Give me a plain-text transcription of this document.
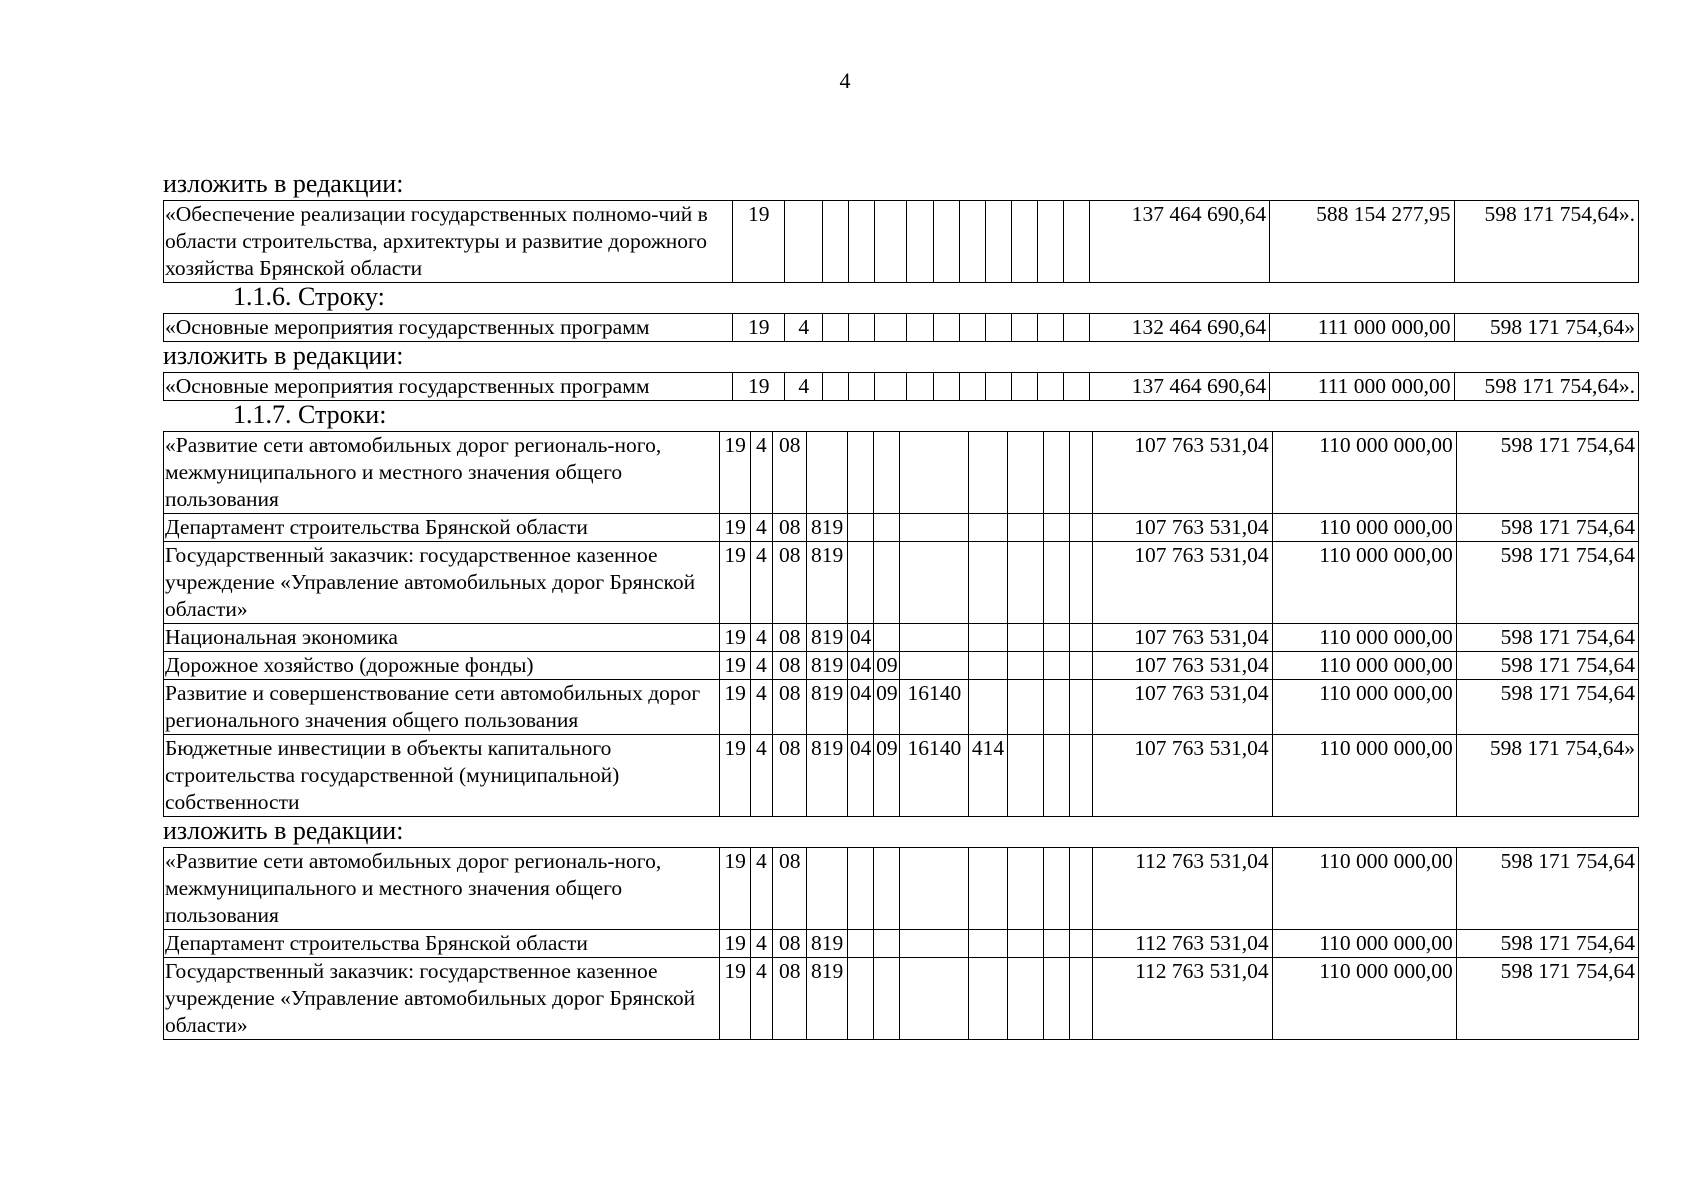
4
изложить в редакции:
«Обеспечение реализации государственных полномо-чий в области строительства, архитектуры и развитие дорожного хозяйства Брянской области	19												137 464 690,64	588 154 277,95	598 171 754,64».
1.1.6. Строку:
«Основные мероприятия государственных программ	19	4											132 464 690,64	111 000 000,00	598 171 754,64»
изложить в редакции:
«Основные мероприятия государственных программ	19	4											137 464 690,64	111 000 000,00	598 171 754,64».
1.1.7. Строки:
«Развитие сети автомобильных дорог региональ-ного, межмуниципального и местного значения общего пользования	19	4	08									107 763 531,04	110 000 000,00	598 171 754,64
Департамент строительства Брянской области	19	4	08	819								107 763 531,04	110 000 000,00	598 171 754,64
Государственный заказчик: государственное казенное учреждение «Управление автомобильных дорог Брянской области»	19	4	08	819								107 763 531,04	110 000 000,00	598 171 754,64
Национальная экономика	19	4	08	819	04							107 763 531,04	110 000 000,00	598 171 754,64
Дорожное хозяйство (дорожные фонды)	19	4	08	819	04	09						107 763 531,04	110 000 000,00	598 171 754,64
Развитие и совершенствование сети автомобильных дорог регионального значения общего пользования	19	4	08	819	04	09	16140					107 763 531,04	110 000 000,00	598 171 754,64
Бюджетные инвестиции в объекты капитального строительства государственной (муниципальной) собственности	19	4	08	819	04	09	16140	414				107 763 531,04	110 000 000,00	598 171 754,64»
изложить в редакции:
«Развитие сети автомобильных дорог региональ-ного, межмуниципального и местного значения общего пользования	19	4	08									112 763 531,04	110 000 000,00	598 171 754,64
Департамент строительства Брянской области	19	4	08	819								112 763 531,04	110 000 000,00	598 171 754,64
Государственный заказчик: государственное казенное учреждение «Управление автомобильных дорог Брянской области»	19	4	08	819								112 763 531,04	110 000 000,00	598 171 754,64
